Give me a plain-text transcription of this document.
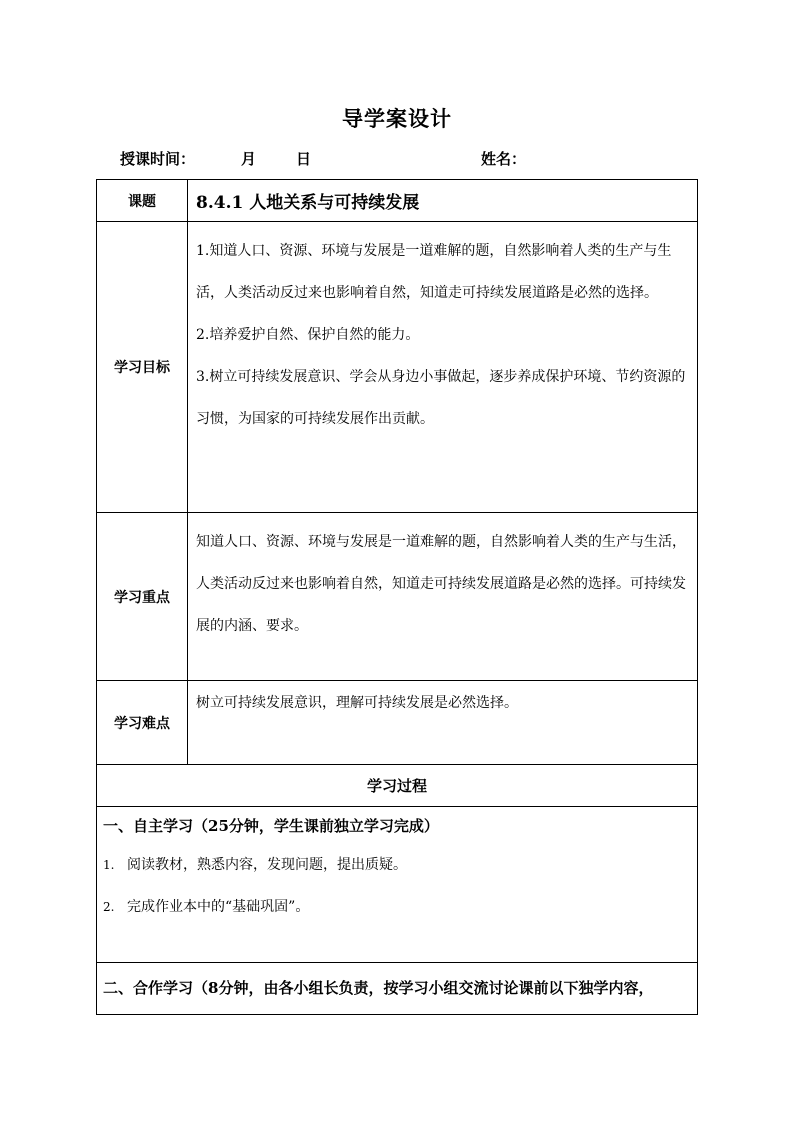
导学案设计
授课时间：	月	日	姓名：
课题	8.4.1 人地关系与可持续发展
学习目标	1.知道人口、资源、环境与发展是一道难解的题，自然影响着人类的生产与生活，人类活动反过来也影响着自然，知道走可持续发展道路是必然的选择。

2.培养爱护自然、保护自然的能力。

3.树立可持续发展意识、学会从身边小事做起，逐步养成保护环境、节约资源的习惯，为国家的可持续发展作出贡献。

学习重点	知道人口、资源、环境与发展是一道难解的题，自然影响着人类的生产与生活，人类活动反过来也影响着自然，知道走可持续发展道路是必然的选择。可持续发展的内涵、要求。
学习难点	树立可持续发展意识，理解可持续发展是必然选择。
学习过程	

一、自主学习（25分钟，学生课前独立学习完成）

1. 阅读教材，熟悉内容，发现问题，提出质疑。

2. 完成作业本中的“基础巩固”。	

二、合作学习（8分钟，由各小组长负责，按学习小组交流讨论课前以下独学内容，	
